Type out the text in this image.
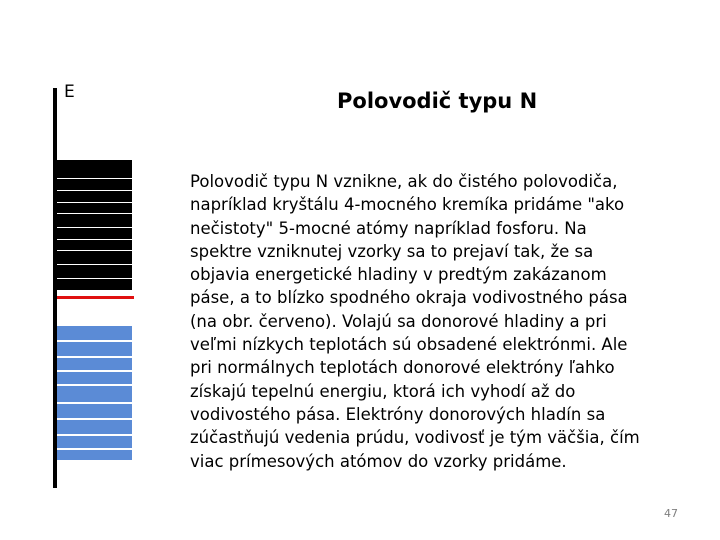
E	Polovodič typu N
Polovodič typu N vznikne, ak do čistého polovodiča,
napríklad kryštálu 4-mocného kremíka pridáme "ako
nečistoty" 5-mocné atómy napríklad fosforu. Na
spektre vzniknutej vzorky sa to prejaví tak, že sa
objavia energetické hladiny v predtým zakázanom
páse, a to blízko spodného okraja vodivostného pása
(na obr. červeno). Volajú sa donorové hladiny a pri
veľmi nízkych teplotách sú obsadené elektrónmi. Ale
pri normálnych teplotách donorové elektróny ľahko
získajú tepelnú energiu, ktorá ich vyhodí až do
vodivostého pása. Elektróny donorových hladín sa
zúčastňujú vedenia prúdu, vodivosť je tým väčšia, čím
viac prímesových atómov do vzorky pridáme.
47
